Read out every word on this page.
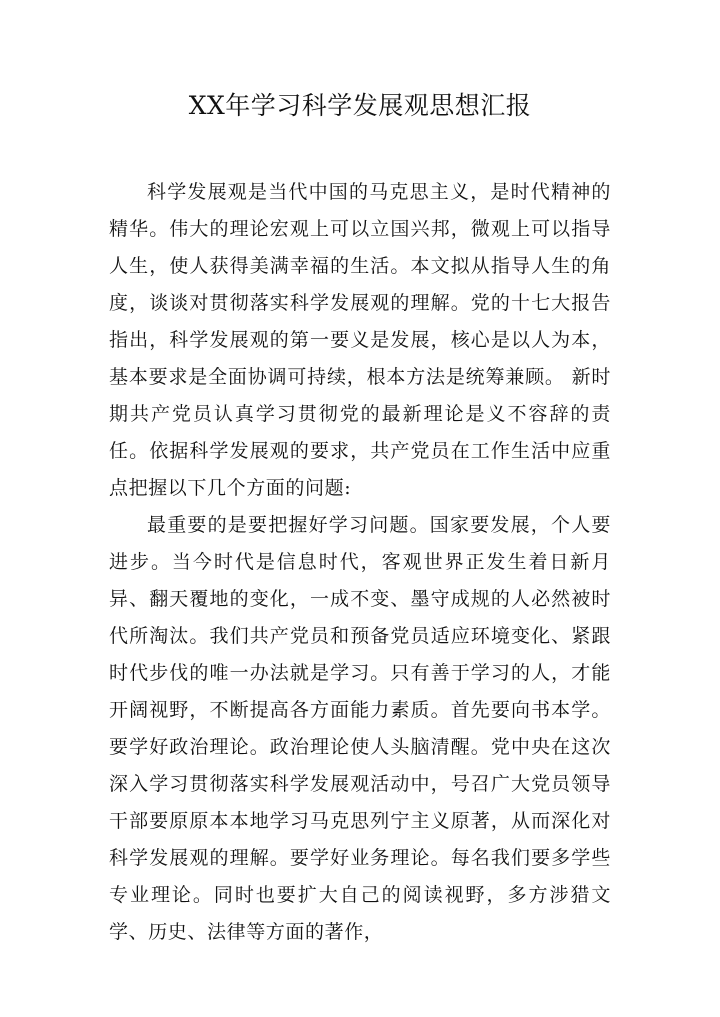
XX年学习科学发展观思想汇报

科学发展观是当代中国的马克思主义，是时代精神的精华。伟大的理论宏观上可以立国兴邦，微观上可以指导人生，使人获得美满幸福的生活。本文拟从指导人生的角度，谈谈对贯彻落实科学发展观的理解。党的十七大报告指出，科学发展观的第一要义是发展，核心是以人为本，基本要求是全面协调可持续，根本方法是统筹兼顾。 新时期共产党员认真学习贯彻党的最新理论是义不容辞的责任。依据科学发展观的要求，共产党员在工作生活中应重点把握以下几个方面的问题:

最重要的是要把握好学习问题。国家要发展，个人要进步。当今时代是信息时代，客观世界正发生着日新月异、翻天覆地的变化，一成不变、墨守成规的人必然被时代所淘汰。我们共产党员和预备党员适应环境变化、紧跟时代步伐的唯一办法就是学习。只有善于学习的人，才能开阔视野，不断提高各方面能力素质。首先要向书本学。要学好政治理论。政治理论使人头脑清醒。党中央在这次深入学习贯彻落实科学发展观活动中，号召广大党员领导干部要原原本本地学习马克思列宁主义原著，从而深化对科学发展观的理解。要学好业务理论。每名我们要多学些专业理论。同时也要扩大自己的阅读视野，多方涉猎文学、历史、法律等方面的著作，
